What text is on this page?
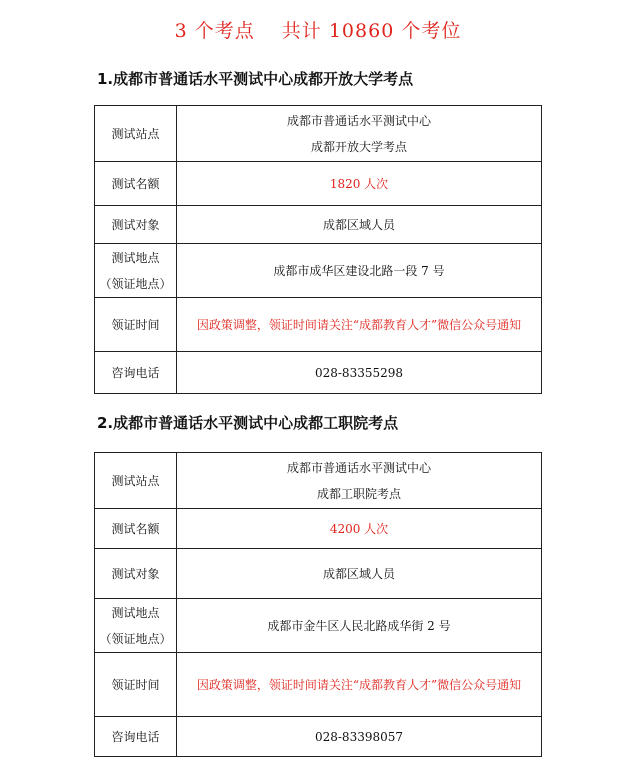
3 个考点　 共计 10860 个考位
1.成都市普通话水平测试中心成都开放大学考点
测试站点	成都市普通话水平测试中心
成都开放大学考点

测试名额	1820 人次
测试对象	成都区域人员

测试地点
（领证地点）	成都市成华区建设北路一段 7 号
领证时间	因政策调整，领证时间请关注“成都教育人才”微信公众号通知
咨询电话	028-83355298
2.成都市普通话水平测试中心成都工职院考点
测试站点	成都市普通话水平测试中心
成都工职院考点

测试名额	4200 人次
测试对象	成都区域人员

测试地点
（领证地点）	成都市金牛区人民北路成华街 2 号
领证时间	因政策调整，领证时间请关注“成都教育人才”微信公众号通知
咨询电话	028-83398057
